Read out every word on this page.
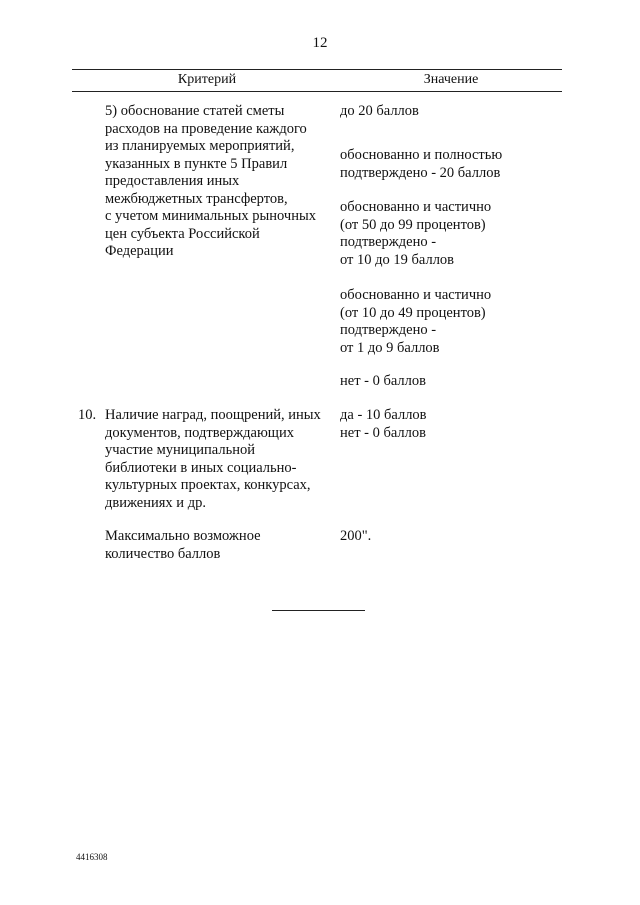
12
Критерий	Значение
5) обоснование статей сметы
расходов на проведение каждого
из планируемых мероприятий,
указанных в пункте 5 Правил
предоставления иных
межбюджетных трансфертов,
с учетом минимальных рыночных
цен субъекта Российской
Федерации
до 20 баллов
обоснованно и полностью
подтверждено - 20 баллов
обоснованно и частично
(от 50 до 99 процентов)
подтверждено -
от 10 до 19 баллов
обоснованно и частично
(от 10 до 49 процентов)
подтверждено -
от 1 до 9 баллов
нет - 0 баллов
10. Наличие наград, поощрений, иных
документов, подтверждающих
участие муниципальной
библиотеки в иных социально-
культурных проектах, конкурсах,
движениях и др.
да - 10 баллов
нет - 0 баллов
Максимально возможное
количество баллов
200".
4416308
